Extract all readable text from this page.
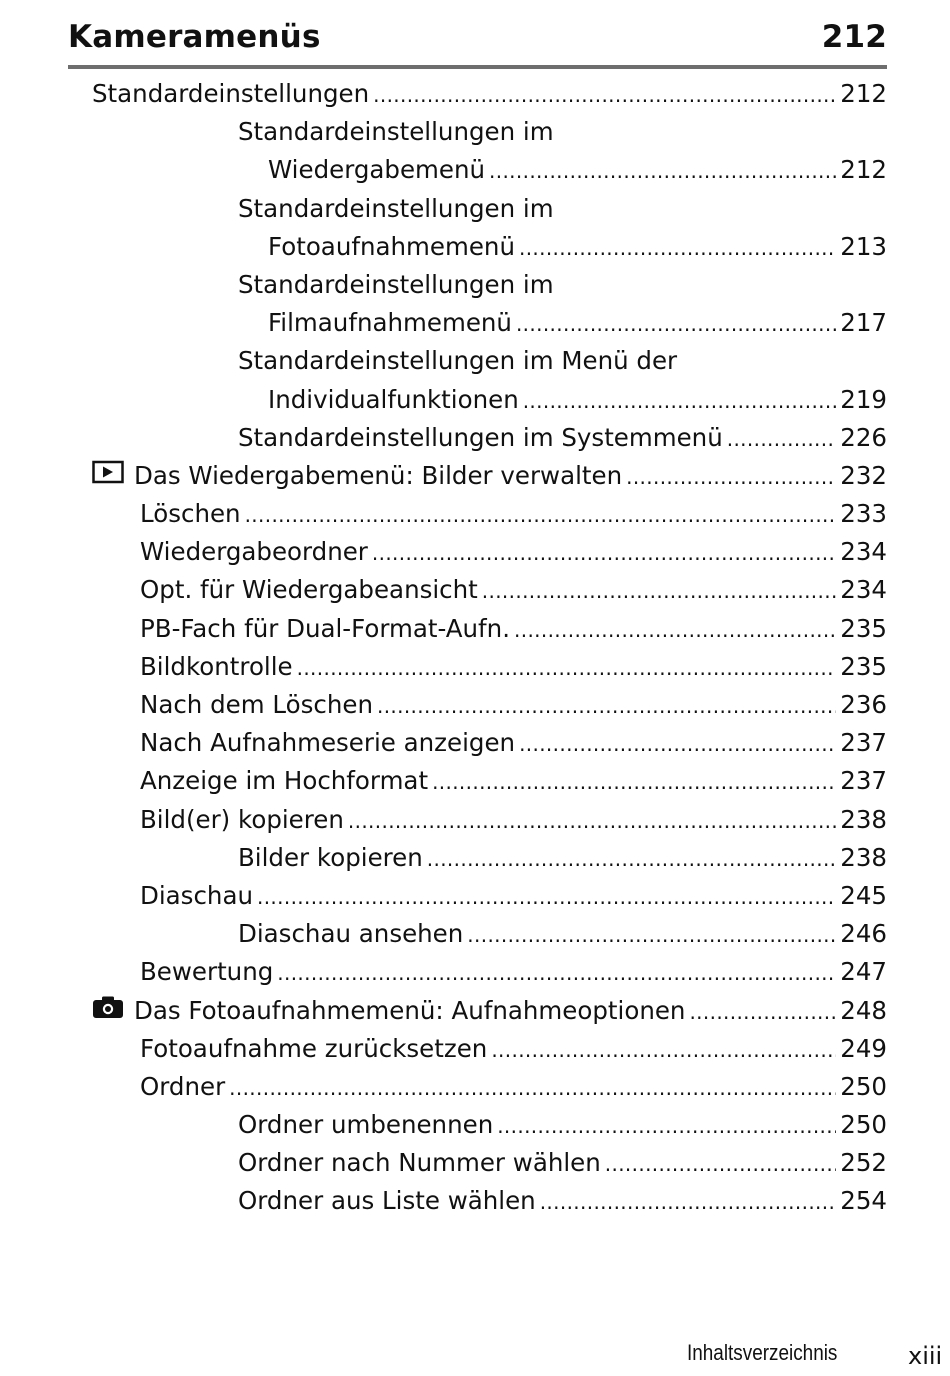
Kameramenüs	212
Standardeinstellungen . . .	212
Standardeinstellungen im
Wiedergabemenü . . .	212
Standardeinstellungen im
Fotoaufnahmemenü . . .	213
Standardeinstellungen im
Filmaufnahmemenü . . .	217
Standardeinstellungen im Menü der
Individualfunktionen . . .	219
Standardeinstellungen im Systemmenü . . .	226
Das Wiedergabemenü: Bilder verwalten . . .	232
Löschen . . .	233
Wiedergabeordner . . .	234
Opt. für Wiedergabeansicht . . .	234
PB-Fach für Dual-Format-Aufn. . . .	235
Bildkontrolle . . .	235
Nach dem Löschen . . .	236
Nach Aufnahmeserie anzeigen . . .	237
Anzeige im Hochformat . . .	237
Bild(er) kopieren . . .	238
Bilder kopieren . . .	238
Diaschau . . .	245
Diaschau ansehen . . .	246
Bewertung . . .	247
Das Fotoaufnahmemenü: Aufnahmeoptionen . . .	248
Fotoaufnahme zurücksetzen . . .	249
Ordner . . .	250
Ordner umbenennen . . .	250
Ordner nach Nummer wählen . . .	252
Ordner aus Liste wählen . . .	254
Inhaltsverzeichnis	xiii
